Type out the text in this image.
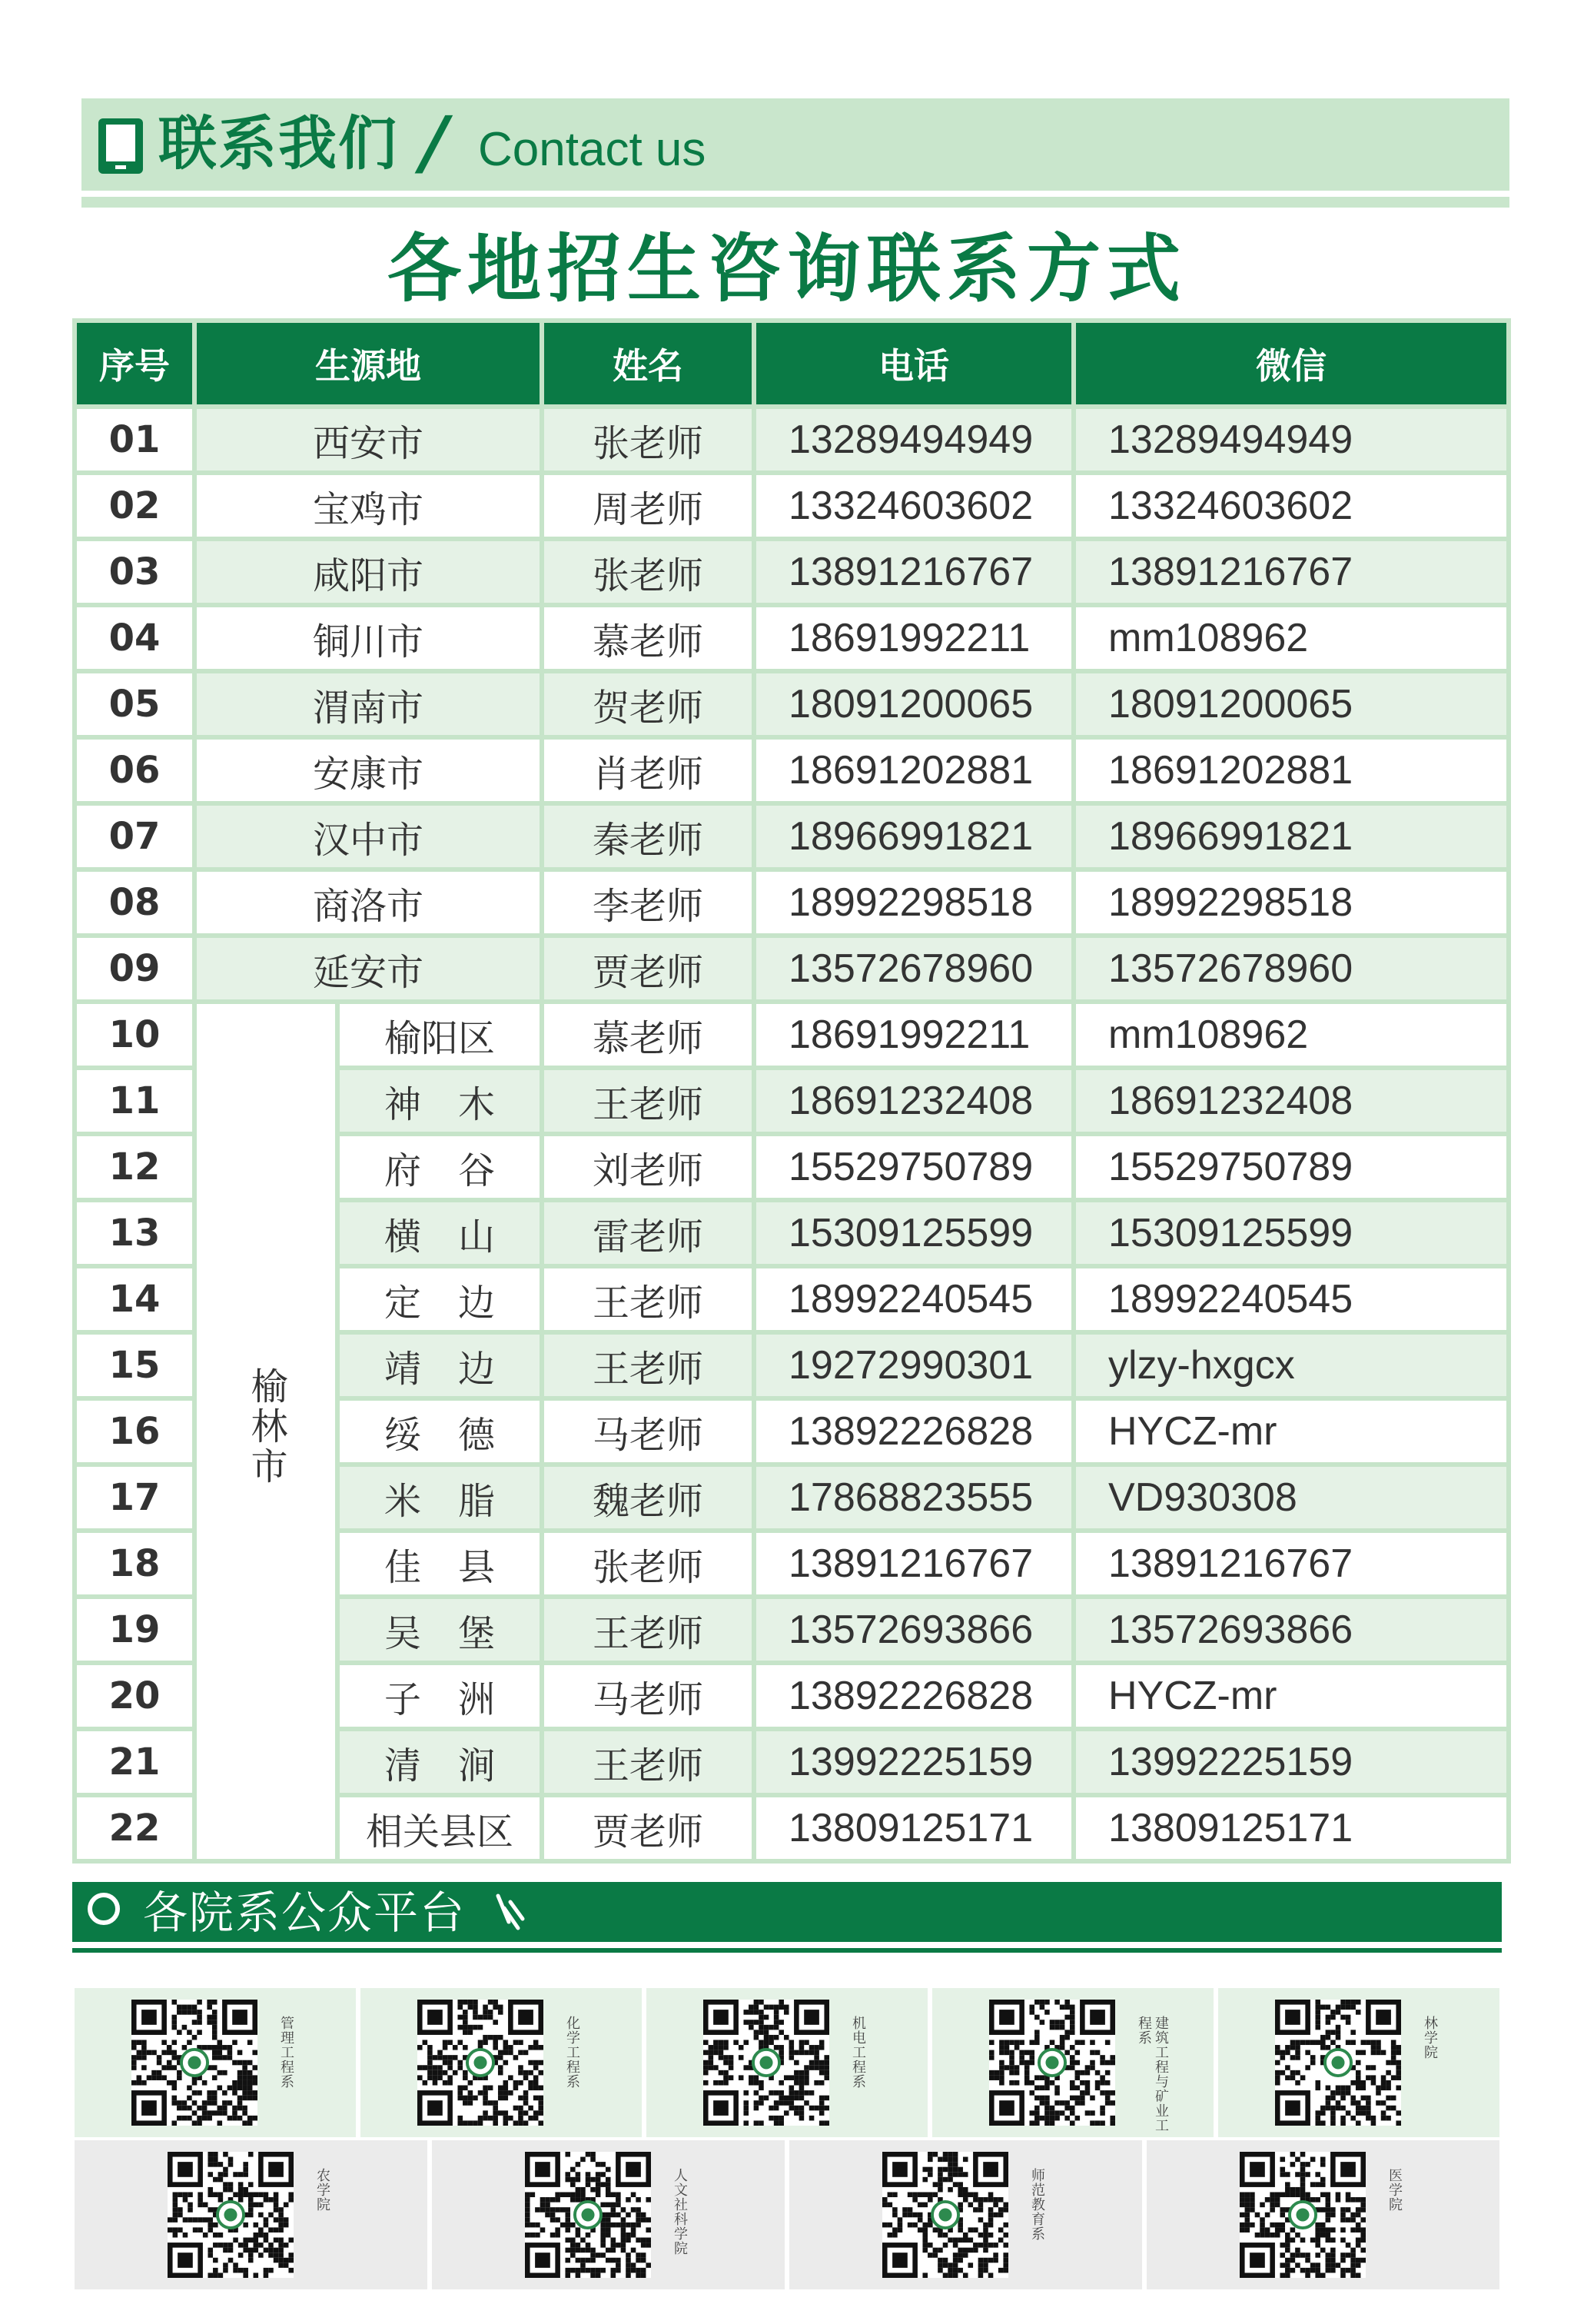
联系我们 / Contact us
各地招生咨询联系方式
序号	生源地		姓名	电话	微信
01	西安市		张老师	13289494949	13289494949
02	宝鸡市		周老师	13324603602	13324603602
03	咸阳市		张老师	13891216767	13891216767
04	铜川市		慕老师	18691992211	mm108962
05	渭南市		贺老师	18091200065	18091200065
06	安康市		肖老师	18691202881	18691202881
07	汉中市		秦老师	18966991821	18966991821
08	商洛市		李老师	18992298518	18992298518
09	延安市		贾老师	13572678960	13572678960
10	榆林市	榆阳区	慕老师	18691992211	mm108962
11		神　木	王老师	18691232408	18691232408
12		府　谷	刘老师	15529750789	15529750789
13		横　山	雷老师	15309125599	15309125599
14		定　边	王老师	18992240545	18992240545
15		靖　边	王老师	19272990301	ylzy-hxgcx
16		绥　德	马老师	13892226828	HYCZ-mr
17		米　脂	魏老师	17868823555	VD930308
18		佳　县	张老师	13891216767	13891216767
19		吴　堡	王老师	13572693866	13572693866
20		子　洲	马老师	13892226828	HYCZ-mr
21		清　涧	王老师	13992225159	13992225159
22		相关县区	贾老师	13809125171	13809125171
各院系公众平台
管理工程系	化学工程系	机电工程系	建筑工程与矿业工程系	林学院
农学院	人文社科学院	师范教育系	医学院
